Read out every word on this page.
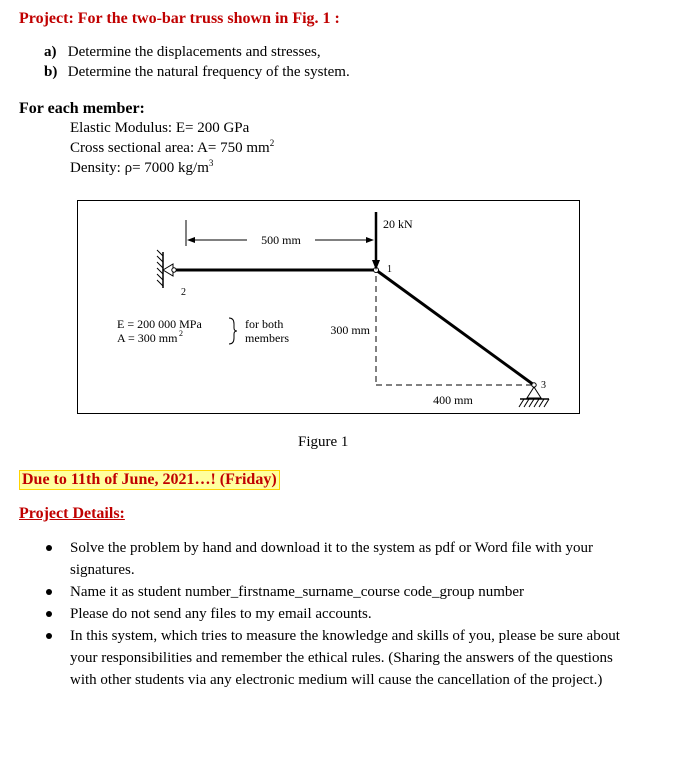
Project: For the two-bar truss shown in Fig. 1 :
a) Determine the displacements and stresses,
b) Determine the natural frequency of the system.
For each member:
Elastic Modulus: E= 200 GPa
Cross sectional area: A= 750 $mm^2$
Density: ρ= 7000 $kg/m^3$
20 kN
500 mm
1
2
3
300 mm
400 mm
E = 200 000 MPa
A = 300 mm 2
for both
members
Figure 1
Due to 11th of June, 2021…! (Friday)
Project Details:
Solve the problem by hand and download it to the system as pdf or Word file with your signatures.
Name it as student number_firstname_surname_course code_group number
Please do not send any files to my email accounts.
In this system, which tries to measure the knowledge and skills of you, please be sure about your responsibilities and remember the ethical rules. (Sharing the answers of the questions with other students via any electronic medium will cause the cancellation of the project.)
